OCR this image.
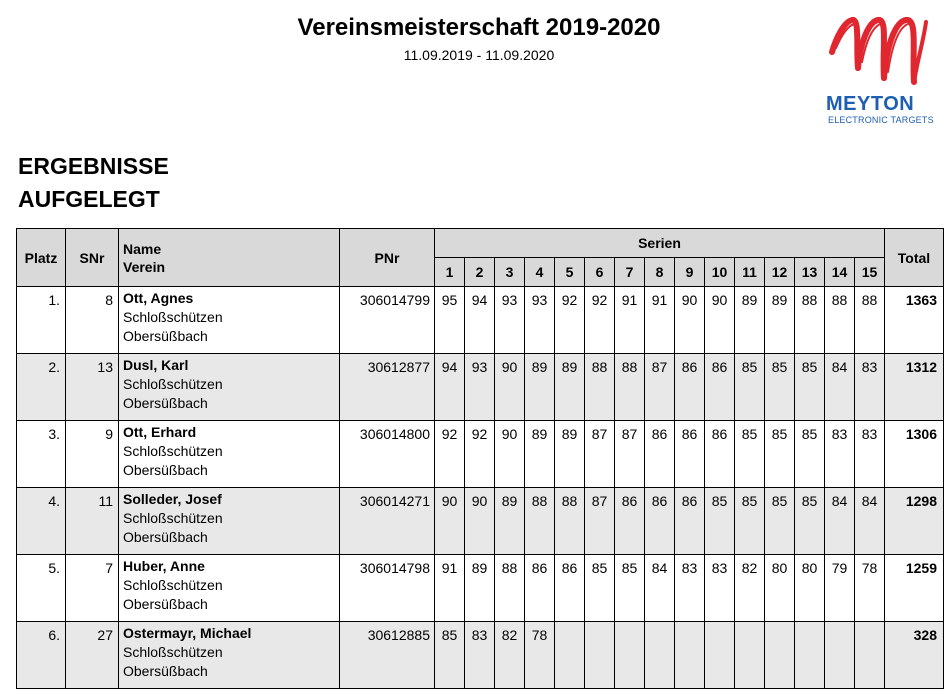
Vereinsmeisterschaft 2019-2020
11.09.2019 - 11.09.2020
MEYTON
ELECTRONIC TARGETS
ERGEBNISSE
AUFGELEGT
Platz	SNr	Name
Verein	PNr	Serien															Total
				1	2	3	4	5	6	7	8	9	10	11	12	13	14	15	
1.	8	Ott, Agnes
Schloßschützen
Obersüßbach	306014799	95	94	93	93	92	92	91	91	90	90	89	89	88	88	88	1363
2.	13	Dusl, Karl
Schloßschützen
Obersüßbach	30612877	94	93	90	89	89	88	88	87	86	86	85	85	85	84	83	1312
3.	9	Ott, Erhard
Schloßschützen
Obersüßbach	306014800	92	92	90	89	89	87	87	86	86	86	85	85	85	83	83	1306
4.	11	Solleder, Josef
Schloßschützen
Obersüßbach	306014271	90	90	89	88	88	87	86	86	86	85	85	85	85	84	84	1298
5.	7	Huber, Anne
Schloßschützen
Obersüßbach	306014798	91	89	88	86	86	85	85	84	83	83	82	80	80	79	78	1259
6.	27	Ostermayr, Michael
Schloßschützen
Obersüßbach	30612885	85	83	82	78												328
